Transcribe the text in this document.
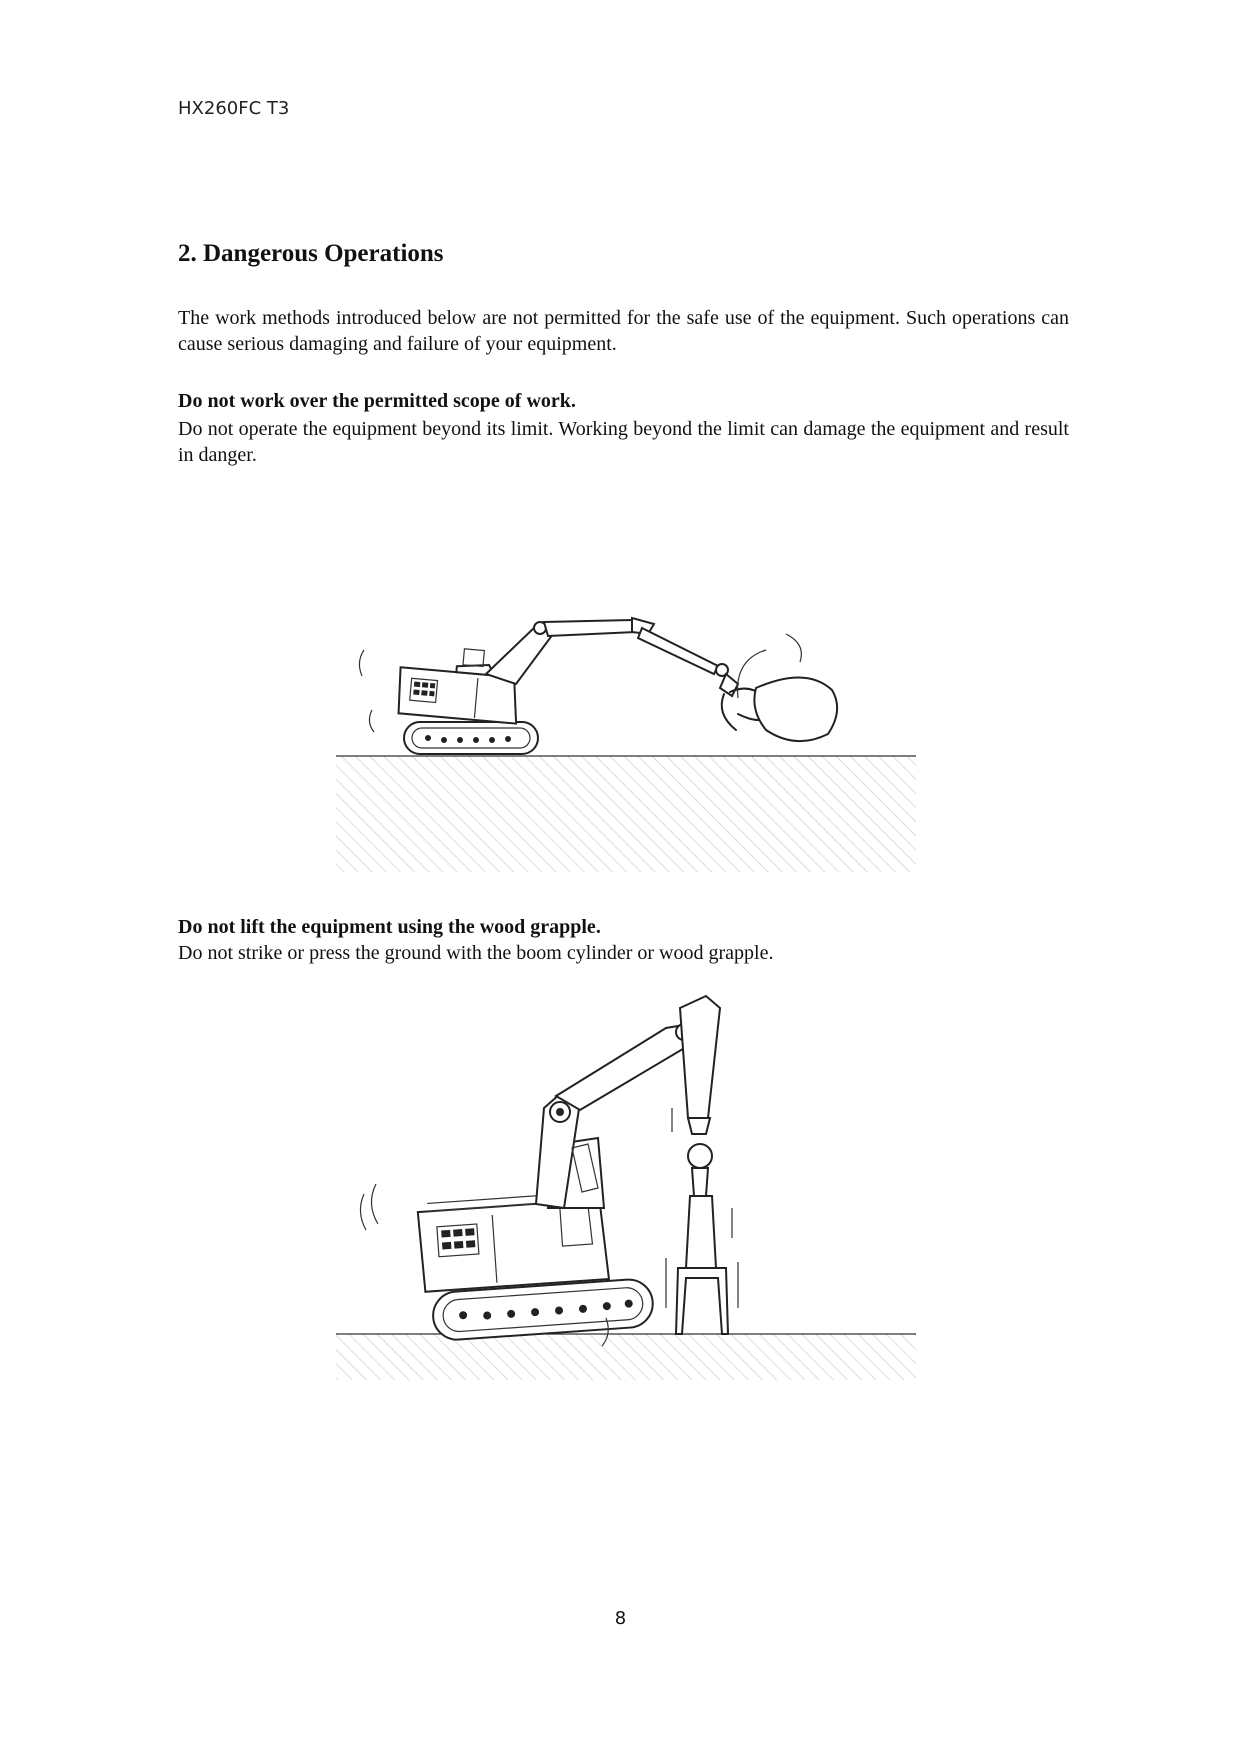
HX260FC T3
2. Dangerous Operations

The work methods introduced below are not permitted for the safe use of the equipment. Such operations can cause serious damaging and failure of your equipment.

Do not work over the permitted scope of work.

Do not operate the equipment beyond its limit. Working beyond the limit can damage the equipment and result in danger.

Do not lift the equipment using the wood grapple.
Do not strike or press the ground with the boom cylinder or wood grapple.
8
